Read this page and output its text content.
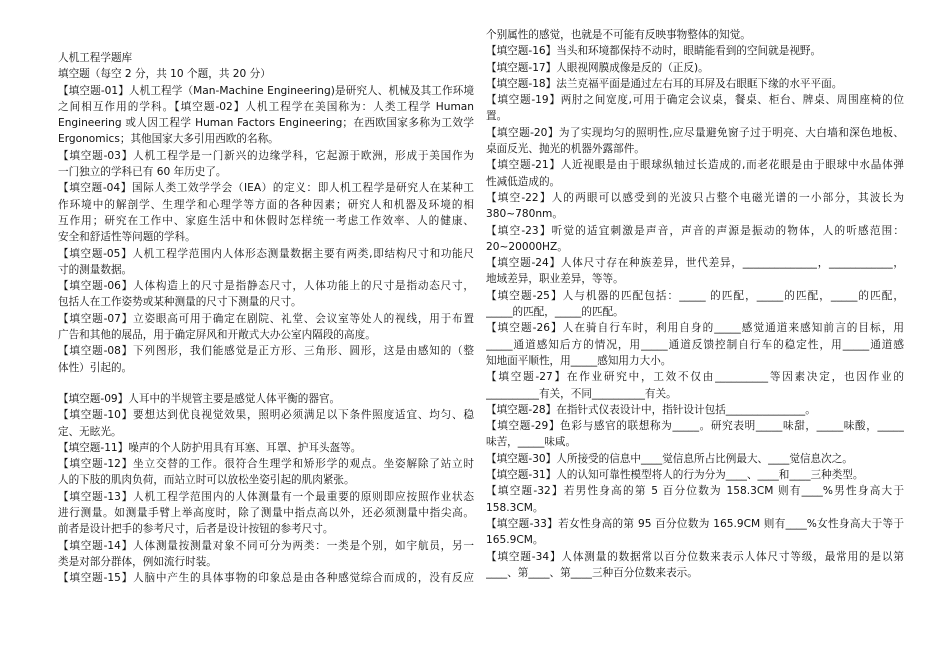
人机工程学题库
填空题（每空 2 分，共 10 个题，共 20 分）
【填空题-01】人机工程学（Man-Machine Engineering)是研究人、机械及其工作环境
之间相互作用的学科。【填空题-02】人机工程学在美国称为：人类工程学 Human
Engineering 或人因工程学 Human Factors Engineering；在西欧国家多称为工效学
Ergonomics；其他国家大多引用西欧的名称。
【填空题-03】人机工程学是一门新兴的边缘学科，它起源于欧洲，形成于美国作为
一门独立的学科已有 60 年历史了。
【填空题-04】国际人类工效学学会（IEA）的定义：即人机工程学是研究人在某种工
作环境中的解剖学、生理学和心理学等方面的各种因素；研究人和机器及环境的相
互作用；研究在工作中、家庭生活中和休假时怎样统一考虑工作效率、人的健康、
安全和舒适性等问题的学科。
【填空题-05】人机工程学范围内人体形态测量数据主要有两类,即结构尺寸和功能尺
寸的测量数据。
【填空题-06】人体构造上的尺寸是指静态尺寸，人体功能上的尺寸是指动态尺寸，
包括人在工作姿势或某种测量的尺寸下测量的尺寸。
【填空题-07】立姿眼高可用于确定在剧院、礼堂、会议室等处人的视线，用于布置
广告和其他的展品，用于确定屏风和开敞式大办公室内隔段的高度。
【填空题-08】下列图形，我们能感觉是正方形、三角形、圆形，这是由感知的（整
体性）引起的。
【填空题-09】人耳中的半规管主要是感觉人体平衡的器官。
【填空题-10】要想达到优良视觉效果，照明必须满足以下条件照度适宜、均匀、稳
定、无眩光。
【填空题-11】噪声的个人防护用具有耳塞、耳罩、护耳头盔等。
【填空题-12】坐立交替的工作。很符合生理学和矫形学的观点。坐姿解除了站立时
人的下肢的肌肉负荷，而站立时可以放松坐姿引起的肌肉紧张。
【填空题-13】人机工程学范围内的人体测量有一个最重要的原则即应按照作业状态
进行测量。如测量手臂上举高度时，除了测量中指点高以外，还必须测量中指尖高。
前者是设计把手的参考尺寸，后者是设计按钮的参考尺寸。
【填空题-14】人体测量按测量对象不同可分为两类：一类是个别，如宇航员，另一
类是对部分群体，例如流行时装。
【填空题-15】人脑中产生的具体事物的印象总是由各种感觉综合而成的，没有反应
个别属性的感觉，也就是不可能有反映事物整体的知觉。
【填空题-16】当头和环境都保持不动时，眼睛能看到的空间就是视野。
【填空题-17】人眼视网膜成像是反的（正反)。
【填空题-18】法兰克福平面是通过左右耳的耳屏及右眼眶下缘的水平平面。
【填空题-19】两肘之间宽度,可用于确定会议桌，餐桌、柜台、牌桌、周围座椅的位
置。
【填空题-20】为了实现均匀的照明性,应尽量避免窗子过于明亮、大白墙和深色地板、
桌面反光、抛光的机器外露部件。
【填空题-21】人近视眼是由于眼球纵轴过长造成的,而老花眼是由于眼球中水晶体弹
性减低造成的。
【填空-22】人的两眼可以感受到的光波只占整个电磁光谱的一小部分，其波长为
380~780nm。
【填空-23】听觉的适宜刺激是声音，声音的声源是振动的物体，人的听感范围：
20~20000HZ。
【填空题-24】人体尺寸存在种族差异，世代差异，______________，____________，
地域差异，职业差异，等等。
【填空题-25】人与机器的匹配包括：_____ 的匹配，_____的匹配，_____的匹配，
_____的匹配，_____的匹配。
【填空题-26】人在骑自行车时，利用自身的_____感觉通道来感知前言的目标，用
_____通道感知后方的情况，用_____通道反馈控制自行车的稳定性，用_____通道感
知地面平顺性，用_____感知用力大小。
【填空题-27】在作业研究中，工效不仅由__________等因素决定，也因作业的
__________有关，不同__________有关。
【填空题-28】在指针式仪表设计中，指针设计包括_______________。
【填空题-29】色彩与感官的联想称为_____。研究表明_____味甜，_____味酸，_____
味苦，_____味咸。
【填空题-30】人所接受的信息中____觉信息所占比例最大、____觉信息次之。
【填空题-31】人的认知可靠性模型将人的行为分为____、____和____三种类型。
【填空题-32】若男性身高的第 5 百分位数为 158.3CM 则有____%男性身高大于
158.3CM。
【填空题-33】若女性身高的第 95 百分位数为 165.9CM 则有____%女性身高大于等于
165.9CM。
【填空题-34】人体测量的数据常以百分位数来表示人体尺寸等级，最常用的是以第
____、第____、第____三种百分位数来表示。
